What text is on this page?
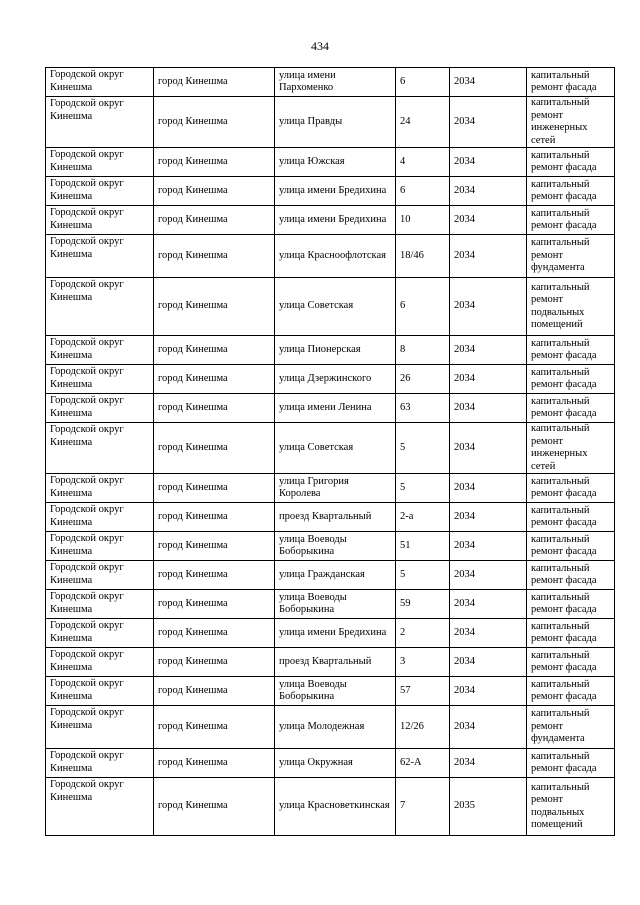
434
Городской округ Кинешма	город Кинешма	улица имени Пархоменко	6	2034	капитальный ремонт фасада
Городской округ Кинешма	город Кинешма	улица Правды	24	2034	капитальный ремонт инженерных сетей
Городской округ Кинешма	город Кинешма	улица Южская	4	2034	капитальный ремонт фасада
Городской округ Кинешма	город Кинешма	улица имени Бредихина	6	2034	капитальный ремонт фасада
Городской округ Кинешма	город Кинешма	улица имени Бредихина	10	2034	капитальный ремонт фасада
Городской округ Кинешма	город Кинешма	улица Красноофлотская	18/46	2034	капитальный ремонт фундамента
Городской округ Кинешма	город Кинешма	улица Советская	6	2034	капитальный ремонт подвальных помещений
Городской округ Кинешма	город Кинешма	улица Пионерская	8	2034	капитальный ремонт фасада
Городской округ Кинешма	город Кинешма	улица Дзержинского	26	2034	капитальный ремонт фасада
Городской округ Кинешма	город Кинешма	улица имени Ленина	63	2034	капитальный ремонт фасада
Городской округ Кинешма	город Кинешма	улица Советская	5	2034	капитальный ремонт инженерных сетей
Городской округ Кинешма	город Кинешма	улица Григория Королева	5	2034	капитальный ремонт фасада
Городской округ Кинешма	город Кинешма	проезд Квартальный	2-а	2034	капитальный ремонт фасада
Городской округ Кинешма	город Кинешма	улица Воеводы Боборыкина	51	2034	капитальный ремонт фасада
Городской округ Кинешма	город Кинешма	улица Гражданская	5	2034	капитальный ремонт фасада
Городской округ Кинешма	город Кинешма	улица Воеводы Боборыкина	59	2034	капитальный ремонт фасада
Городской округ Кинешма	город Кинешма	улица имени Бредихина	2	2034	капитальный ремонт фасада
Городской округ Кинешма	город Кинешма	проезд Квартальный	3	2034	капитальный ремонт фасада
Городской округ Кинешма	город Кинешма	улица Воеводы Боборыкина	57	2034	капитальный ремонт фасада
Городской округ Кинешма	город Кинешма	улица Молодежная	12/26	2034	капитальный ремонт фундамента
Городской округ Кинешма	город Кинешма	улица Окружная	62-А	2034	капитальный ремонт фасада
Городской округ Кинешма	город Кинешма	улица Красноветкинская	7	2035	капитальный ремонт подвальных помещений
